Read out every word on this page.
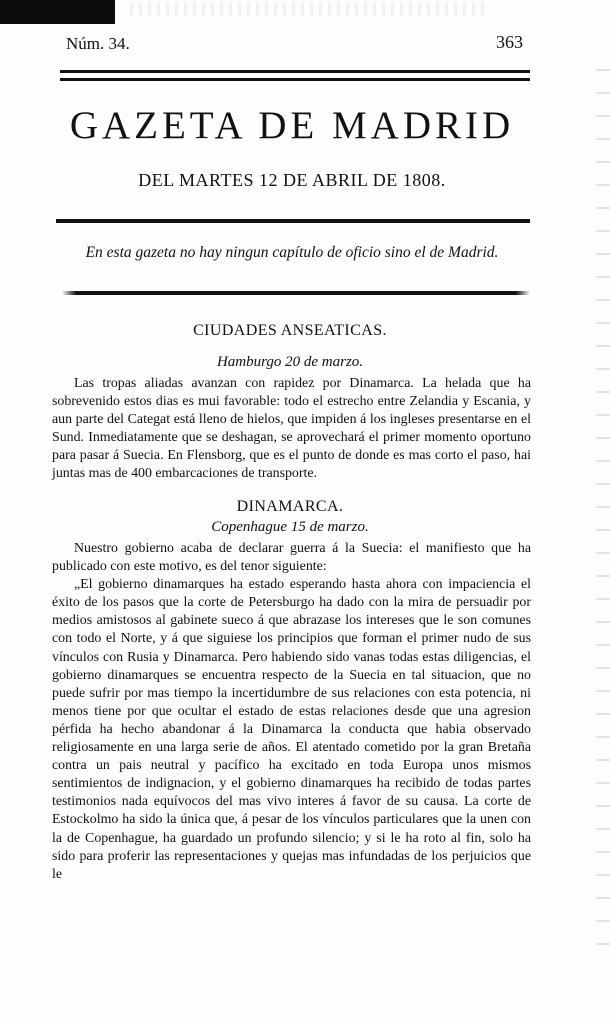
Núm. 34.	363
GAZETA DE MADRID
DEL MARTES 12 DE ABRIL DE 1808.
En esta gazeta no hay ningun capítulo de oficio sino el de Madrid.
CIUDADES ANSEATICAS.
Hamburgo 20 de marzo.

Las tropas aliadas avanzan con rapidez por Dinamarca. La helada que ha sobrevenido estos dias es mui favorable: todo el estrecho entre Zelandia y Escania, y aun parte del Categat está lleno de hielos, que impiden á los ingleses presentarse en el Sund. Inmediatamente que se deshagan, se aprovechará el primer momento oportuno para pasar á Suecia. En Flensborg, que es el punto de donde es mas corto el paso, hai juntas mas de 400 embarcaciones de transporte.

DINAMARCA.
Copenhague 15 de marzo.

Nuestro gobierno acaba de declarar guerra á la Suecia: el manifiesto que ha publicado con este motivo, es del tenor siguiente:

„El gobierno dinamarques ha estado esperando hasta ahora con impaciencia el éxito de los pasos que la corte de Petersburgo ha dado con la mira de persuadir por medios amistosos al gabinete sueco á que abrazase los intereses que le son comunes con todo el Norte, y á que siguiese los principios que forman el primer nudo de sus vínculos con Rusia y Dinamarca. Pero habiendo sido vanas todas estas diligencias, el gobierno dinamarques se encuentra respecto de la Suecia en tal situacion, que no puede sufrir por mas tiempo la incertidumbre de sus relaciones con esta potencia, ni menos tiene por que ocultar el estado de estas relaciones desde que una agresion pérfida ha hecho abandonar á la Dinamarca la conducta que habia observado religiosamente en una larga serie de años. El atentado cometido por la gran Bretaña contra un pais neutral y pacífico ha excitado en toda Europa unos mismos sentimientos de indignacion, y el gobierno dinamarques ha recibido de todas partes testimonios nada equívocos del mas vivo interes á favor de su causa. La corte de Estockolmo ha sido la única que, á pesar de los vínculos particulares que la unen con la de Copenhague, ha guardado un profundo silencio; y si le ha roto al fin, solo ha sido para proferir las representaciones y quejas mas infundadas de los perjuicios que le
